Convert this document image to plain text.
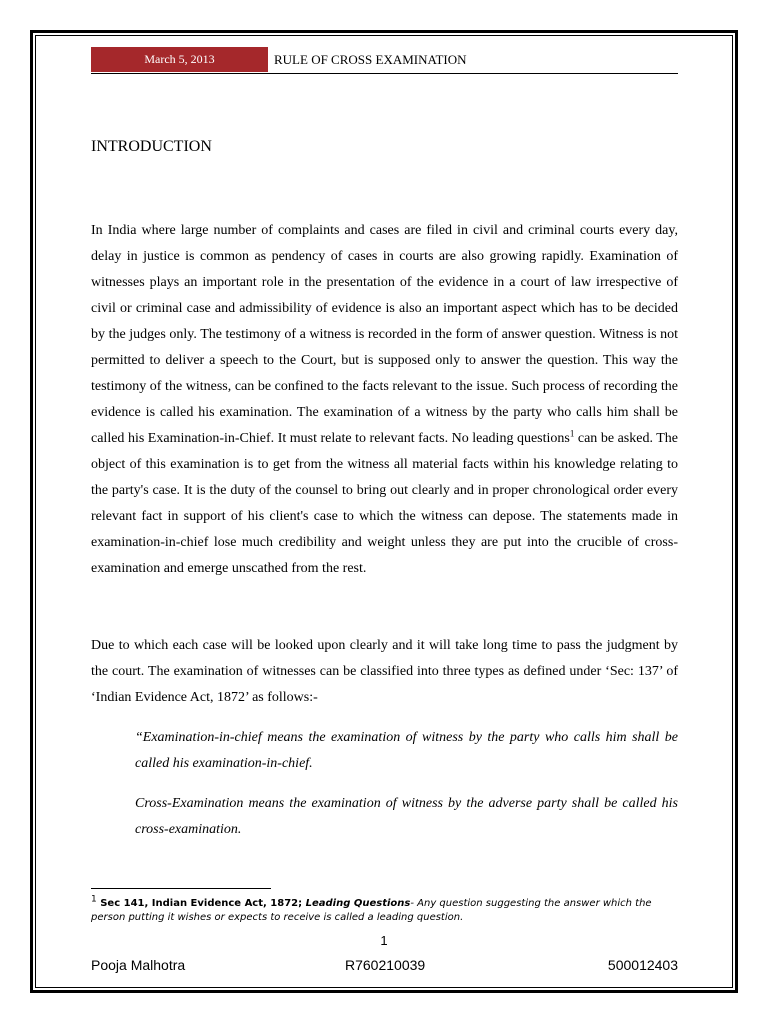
March 5, 2013	RULE OF CROSS EXAMINATION
INTRODUCTION

In India where large number of complaints and cases are filed in civil and criminal courts every day, delay in justice is common as pendency of cases in courts are also growing rapidly. Examination of witnesses plays an important role in the presentation of the evidence in a court of law irrespective of civil or criminal case and admissibility of evidence is also an important aspect which has to be decided by the judges only. The testimony of a witness is recorded in the form of answer question. Witness is not permitted to deliver a speech to the Court, but is supposed only to answer the question. This way the testimony of the witness, can be confined to the facts relevant to the issue. Such process of recording the evidence is called his examination. The examination of a witness by the party who calls him shall be called his Examination-in-Chief. It must relate to relevant facts. No leading questions$^1$ can be asked. The object of this examination is to get from the witness all material facts within his knowledge relating to the party's case. It is the duty of the counsel to bring out clearly and in proper chronological order every relevant fact in support of his client's case to which the witness can depose. The statements made in examination-in-chief lose much credibility and weight unless they are put into the crucible of cross-examination and emerge unscathed from the rest.

Due to which each case will be looked upon clearly and it will take long time to pass the judgment by the court. The examination of witnesses can be classified into three types as defined under ‘Sec: 137’ of ‘Indian Evidence Act, 1872’ as follows:-

“Examination-in-chief means the examination of witness by the party who calls him shall be called his examination-in-chief.

Cross-Examination means the examination of witness by the adverse party shall be called his cross-examination.

$^1$ Sec 141, Indian Evidence Act, 1872; Leading Questions- Any question suggesting the answer which the person putting it wishes or expects to receive is called a leading question.

1
Pooja Malhotra	R760210039	500012403
